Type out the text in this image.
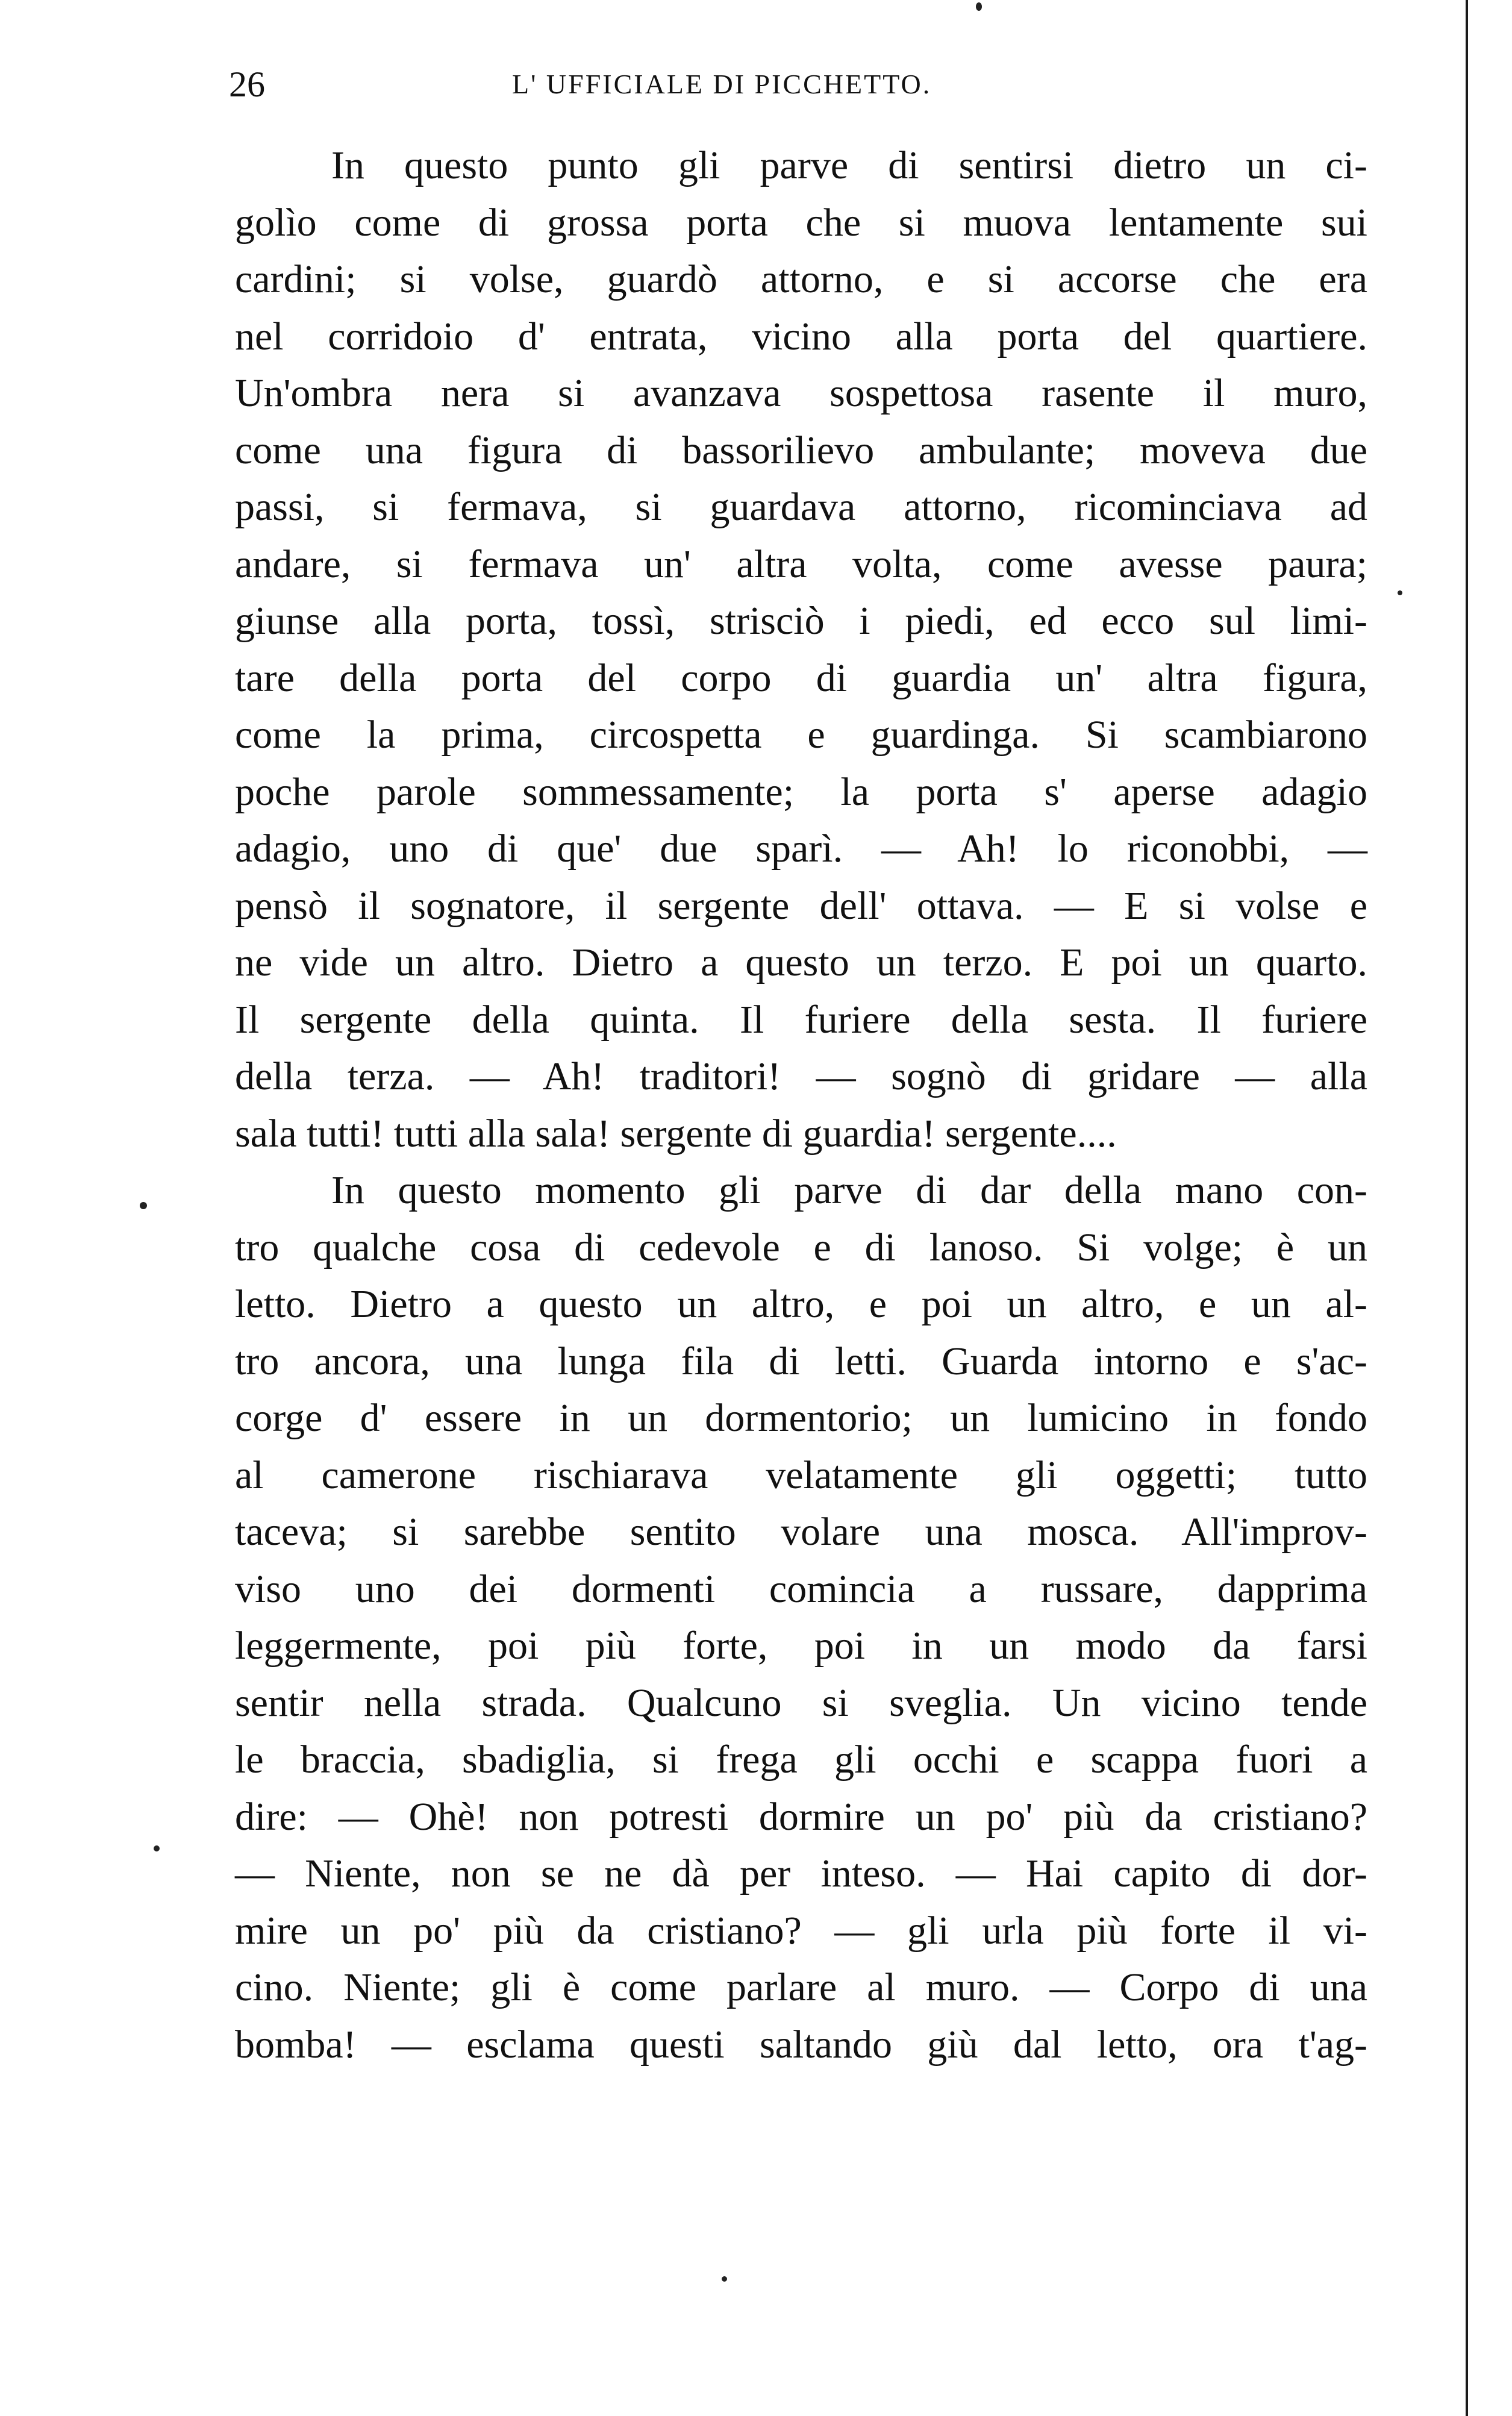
26	L' UFFICIALE DI PICCHETTO.
In questo punto gli parve di sentirsi dietro un ci-
golìo come di grossa porta che si muova lentamente sui
cardini; si volse, guardò attorno, e si accorse che era
nel corridoio d' entrata, vicino alla porta del quartiere.
Un'ombra nera si avanzava sospettosa rasente il muro,
come una figura di bassorilievo ambulante; moveva due
passi, si fermava, si guardava attorno, ricominciava ad
andare, si fermava un' altra volta, come avesse paura;
giunse alla porta, tossì, strisciò i piedi, ed ecco sul limi-
tare della porta del corpo di guardia un' altra figura,
come la prima, circospetta e guardinga. Si scambiarono
poche parole sommessamente; la porta s' aperse adagio
adagio, uno di que' due sparì. — Ah! lo riconobbi, —
pensò il sognatore, il sergente dell' ottava. — E si volse e
ne vide un altro. Dietro a questo un terzo. E poi un quarto.
Il sergente della quinta. Il furiere della sesta. Il furiere
della terza. — Ah! traditori! — sognò di gridare — alla
sala tutti! tutti alla sala! sergente di guardia! sergente....
In questo momento gli parve di dar della mano con-
tro qualche cosa di cedevole e di lanoso. Si volge; è un
letto. Dietro a questo un altro, e poi un altro, e un al-
tro ancora, una lunga fila di letti. Guarda intorno e s'ac-
corge d' essere in un dormentorio; un lumicino in fondo
al camerone rischiarava velatamente gli oggetti; tutto
taceva; si sarebbe sentito volare una mosca. All'improv-
viso uno dei dormenti comincia a russare, dapprima
leggermente, poi più forte, poi in un modo da farsi
sentir nella strada. Qualcuno si sveglia. Un vicino tende
le braccia, sbadiglia, si frega gli occhi e scappa fuori a
dire: — Ohè! non potresti dormire un po' più da cristiano?
— Niente, non se ne dà per inteso. — Hai capito di dor-
mire un po' più da cristiano? — gli urla più forte il vi-
cino. Niente; gli è come parlare al muro. — Corpo di una
bomba! — esclama questi saltando giù dal letto, ora t'ag-
